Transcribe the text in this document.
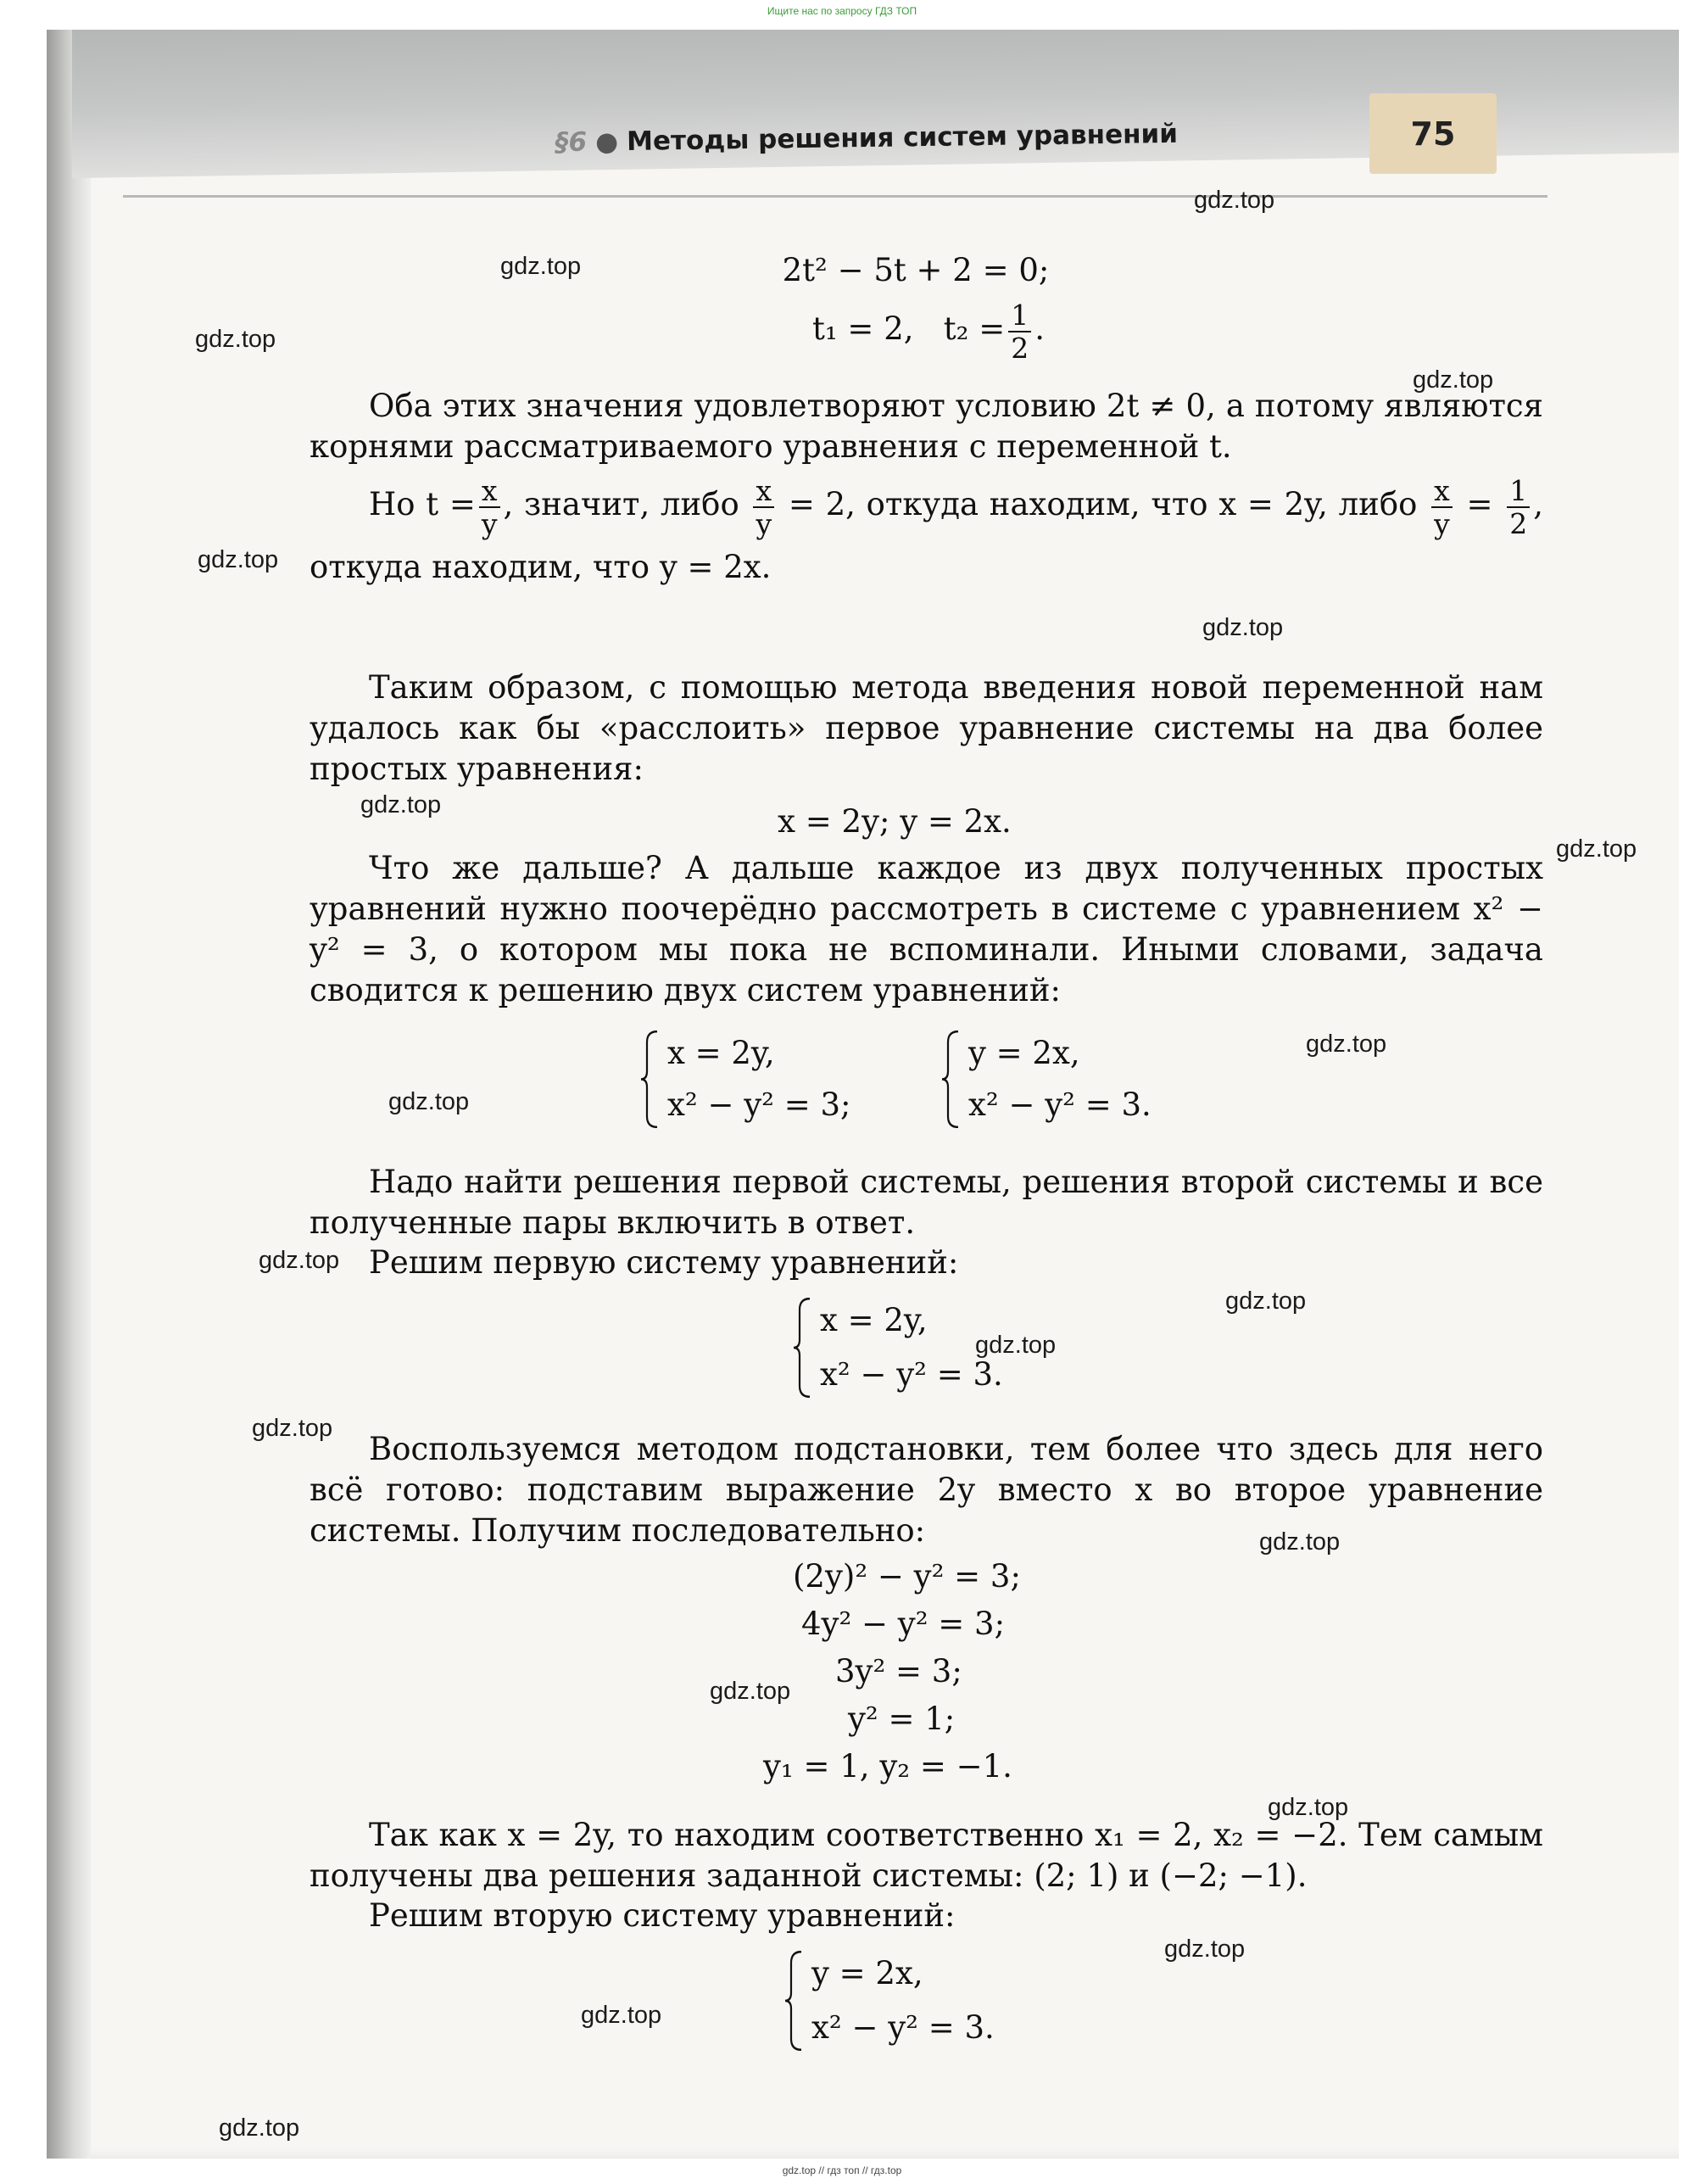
Ищите нас по запросу ГДЗ ТОП
§6 ● Методы решения систем уравнений	75

2t² − 5t + 2 = 0;
t₁ = 2, $t_2 = \frac{1}{2}$ .

Оба этих значения удовлетворяют условию 2t ≠ 0, а потому являются корнями рассматриваемого уравнения с переменной t.

Но $t = \frac{x}{y}$ , значит, либо $\frac{x}{y} = 2$, откуда находим, что x = 2y, либо $\frac{x}{y} = \frac{1}{2}$ , откуда находим, что y = 2x.

Таким образом, с помощью метода введения новой переменной нам удалось как бы «расслоить» первое уравнение системы на два более простых уравнения:

x = 2y; y = 2x.

Что же дальше? А дальше каждое из двух полученных простых уравнений нужно поочерёдно рассмотреть в системе с уравнением x² − y² = 3, о котором мы пока не вспоминали. Иными словами, задача сводится к решению двух систем уравнений:

x = 2y,
x² − y² = 3;
y = 2x,
x² − y² = 3.

Надо найти решения первой системы, решения второй системы и все полученные пары включить в ответ.

Решим первую систему уравнений:

x = 2y,
x² − y² = 3.

Воспользуемся методом подстановки, тем более что здесь для него всё готово: подставим выражение 2y вместо x во второе уравнение системы. Получим последовательно:

(2y)² − y² = 3;
4y² − y² = 3;
3y² = 3;
y² = 1;
y₁ = 1, y₂ = −1.

Так как x = 2y, то находим соответственно x₁ = 2, x₂ = −2. Тем самым получены два решения заданной системы: (2; 1) и (−2; −1).

Решим вторую систему уравнений:

y = 2x,
x² − y² = 3.
gdz.top
gdz.top
gdz.top
gdz.top
gdz.top
gdz.top
gdz.top
gdz.top
gdz.top
gdz.top
gdz.top
gdz.top
gdz.top
gdz.top
gdz.top
gdz.top
gdz.top
gdz.top
gdz.top
gdz.top
gdz.top // гдз топ // гдз.top
